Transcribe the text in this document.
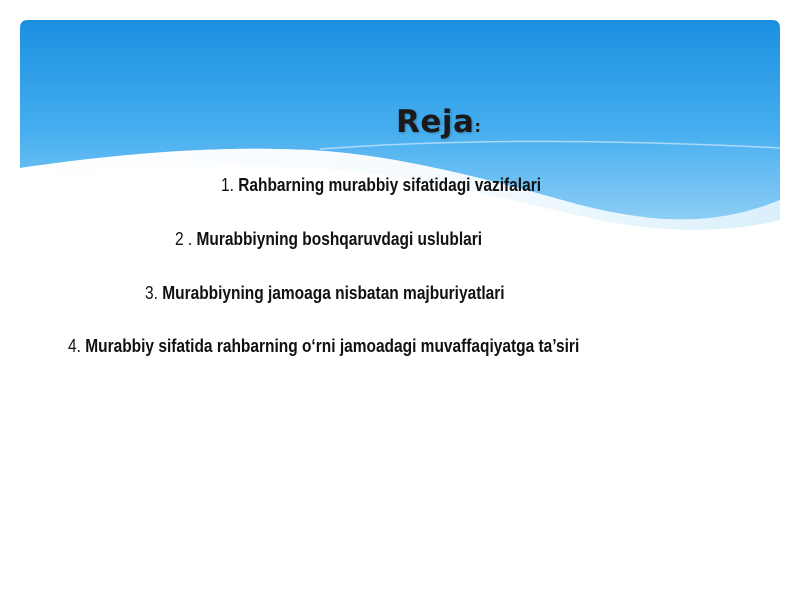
Reja:
1. Rahbarning murabbiy sifatidagi vazifalari
2 . Murabbiyning boshqaruvdagi uslublari
3. Murabbiyning jamoaga nisbatan majburiyatlari
4. Murabbiy sifatida rahbarning o‘rni jamoadagi muvaffaqiyatga ta’siri
